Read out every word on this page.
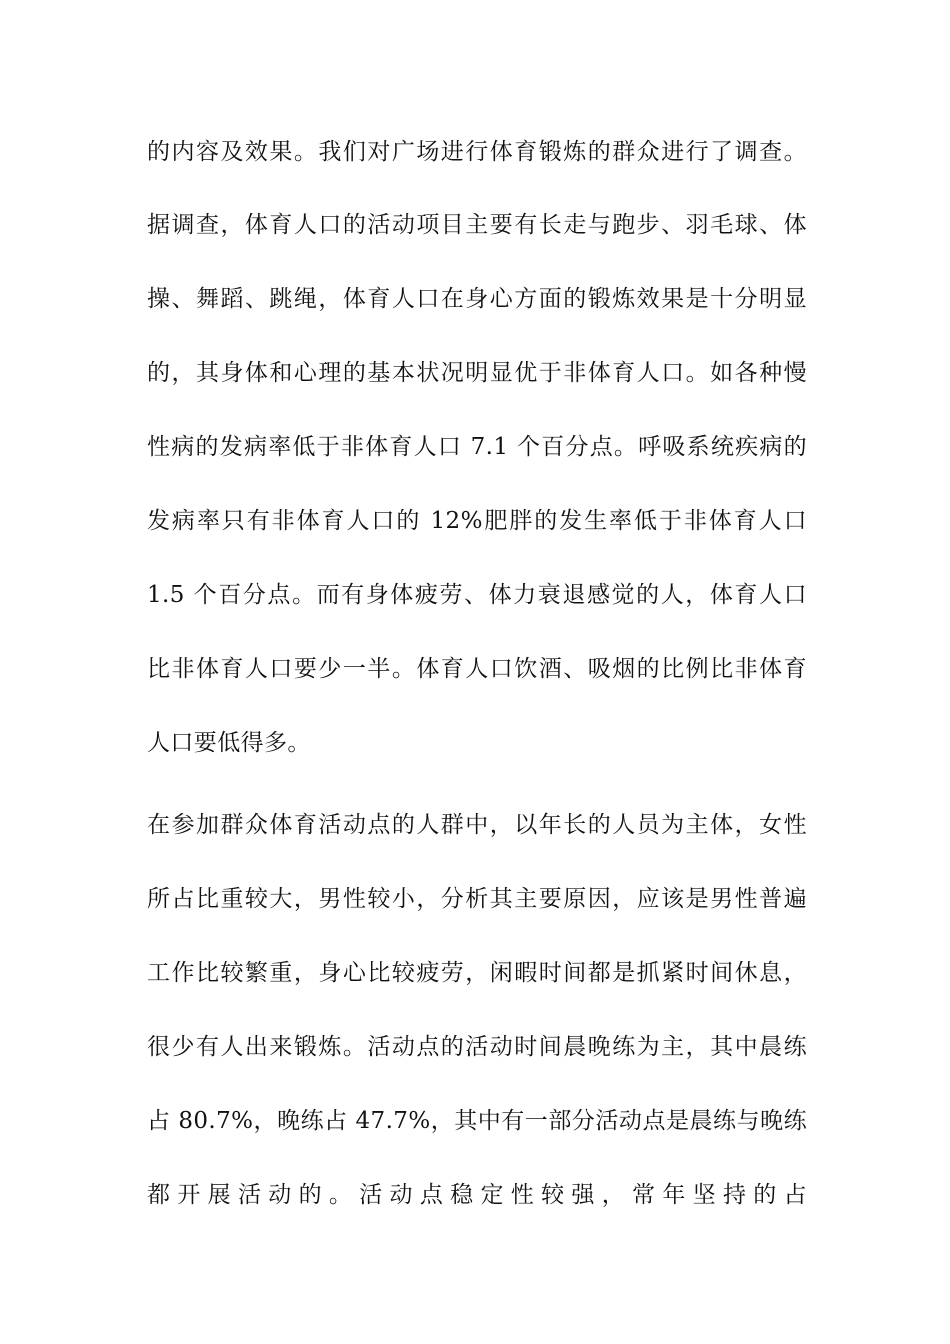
的内容及效果。我们对广场进行体育锻炼的群众进行了调查。
据调查，体育人口的活动项目主要有长走与跑步、羽毛球、体
操、舞蹈、跳绳，体育人口在身心方面的锻炼效果是十分明显
的，其身体和心理的基本状况明显优于非体育人口。如各种慢
性病的发病率低于非体育人口 7.1 个百分点。呼吸系统疾病的
发病率只有非体育人口的 12%肥胖的发生率低于非体育人口
1.5 个百分点。而有身体疲劳、体力衰退感觉的人，体育人口
比非体育人口要少一半。体育人口饮酒、吸烟的比例比非体育
人口要低得多。
在参加群众体育活动点的人群中，以年长的人员为主体，女性
所占比重较大，男性较小，分析其主要原因，应该是男性普遍
工作比较繁重，身心比较疲劳，闲暇时间都是抓紧时间休息，
很少有人出来锻炼。活动点的活动时间晨晚练为主，其中晨练
占 80.7%，晚练占 47.7%，其中有一部分活动点是晨练与晚练
都开展活动的。活动点稳定性较强，常年坚持的占
